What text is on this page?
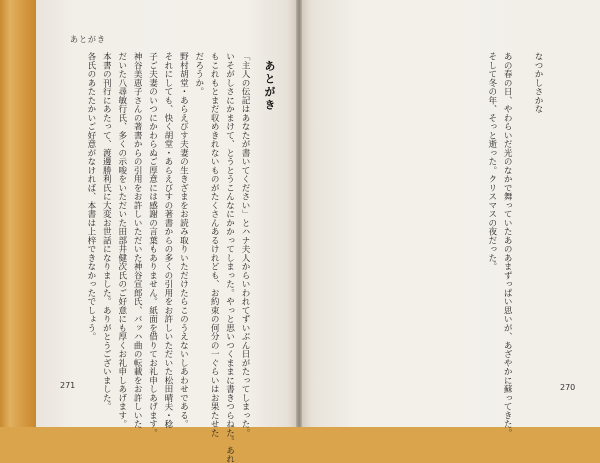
あとがき
あとがき
「主人の伝記はあなたが書いてください」とハナ夫人からいわれてずいぶん日がたってしまった。
いそがしさにかまけて、とうとうこんなにかかってしまった。やっと思いつくままに書きつらねた。あれ
もこれもとまだ収めきれないものがたくさんあるけれども、お約束の何分の一ぐらいはお果たせた
だろうか。
野村胡堂・あらえびす夫妻の生きざまをお読み取りいただけたらこのうえないしあわせである。
それにしても、快く胡堂・あらえびすの著書からの多くの引用をお許しいただいた松田晴夫・稔
子ご夫妻のいつにかわらぬご厚意には感謝の言葉もありません。紙面を借りてお礼申しあげます。
神谷美恵子さんの著書からの引用をお許しいただいた神谷宣郎氏、バッハ曲の転載をお許しいた
だいた八尋敏行氏、多くの示唆をいただいた田部井健次氏のご好意にも厚くお礼申しあげます。
本書の刊行にあたって、渡邊勝利氏に大変お世話になりました。ありがとうございました。
各氏のあたたかいご好意がなければ、本書は上梓できなかったでしょう。	なつかしさかな
あの春の日、やわらいだ光のなかで舞っていたあのあまずっぱい思いが、あざやかに蘇ってきた。
そして冬の年、そっと逝った。クリスマスの夜だった。
271	270
